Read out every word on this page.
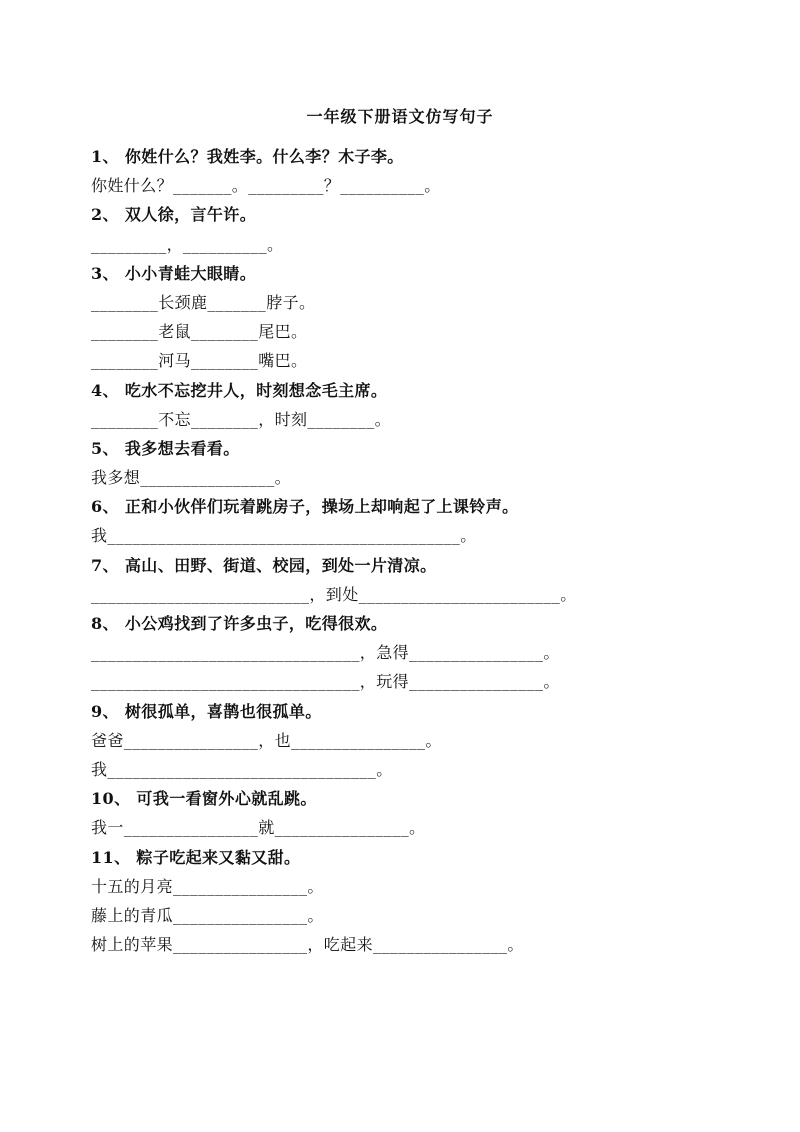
一年级下册语文仿写句子
1、 你姓什么？我姓李。什么李？木子李。
你姓什么？_______。_________？__________。
2、 双人徐，言午许。
_________，__________。
3、 小小青蛙大眼睛。
________长颈鹿_______脖子。
________老鼠________尾巴。
________河马________嘴巴。
4、 吃水不忘挖井人，时刻想念毛主席。
________不忘________，时刻________。
5、 我多想去看看。
我多想________________。
6、 正和小伙伴们玩着跳房子，操场上却响起了上课铃声。
我__________________________________________。
7、 高山、田野、街道、校园，到处一片清凉。
__________________________，到处________________________。
8、 小公鸡找到了许多虫子，吃得很欢。
________________________________，急得________________。
________________________________，玩得________________。
9、 树很孤单，喜鹊也很孤单。
爸爸________________，也________________。
我________________________________。
10、 可我一看窗外心就乱跳。
我一________________就________________。
11、 粽子吃起来又黏又甜。
十五的月亮________________。
藤上的青瓜________________。
树上的苹果________________，吃起来________________。
